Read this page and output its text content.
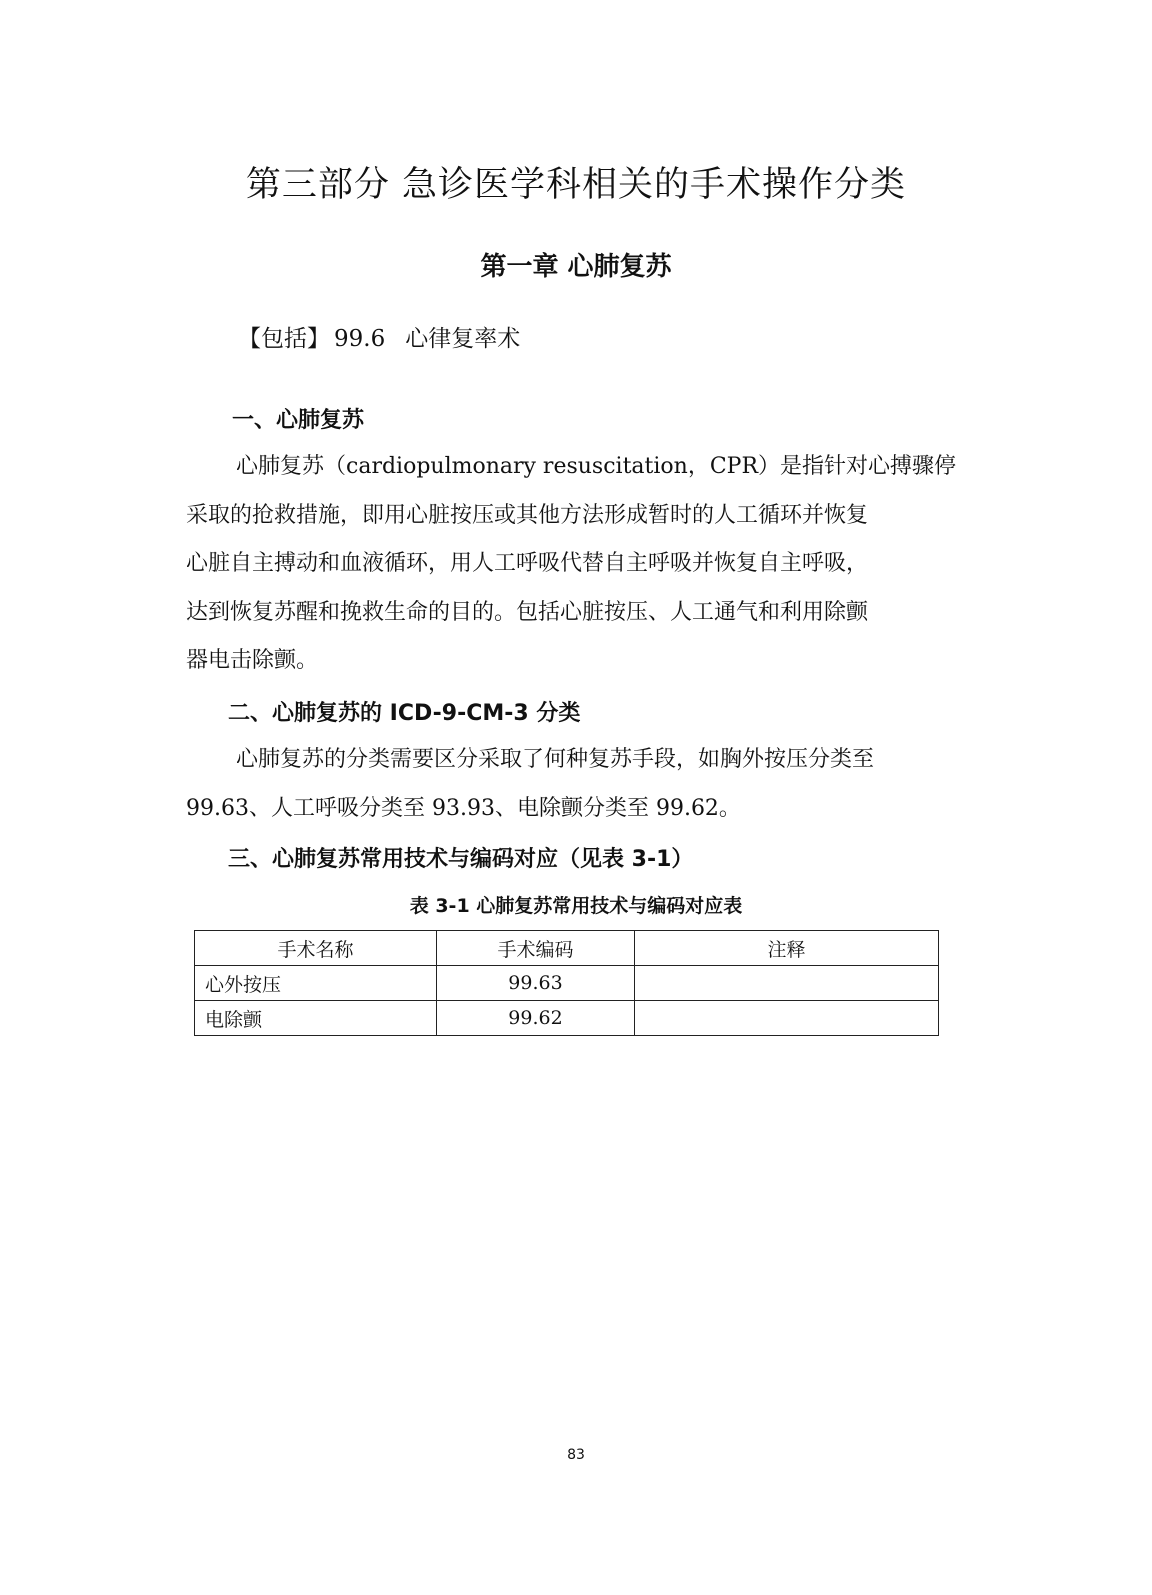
第三部分 急诊医学科相关的手术操作分类
第一章 心肺复苏
【包括】 99.6 心律复率术
一、心肺复苏
心肺复苏（cardiopulmonary resuscitation，CPR）是指针对心搏骤停
采取的抢救措施，即用心脏按压或其他方法形成暂时的人工循环并恢复
心脏自主搏动和血液循环，用人工呼吸代替自主呼吸并恢复自主呼吸，
达到恢复苏醒和挽救生命的目的。包括心脏按压、人工通气和利用除颤
器电击除颤。
二、心肺复苏的 ICD-9-CM-3 分类
心肺复苏的分类需要区分采取了何种复苏手段，如胸外按压分类至
99.63、人工呼吸分类至 93.93、电除颤分类至 99.62。
三、心肺复苏常用技术与编码对应（见表 3-1）
表 3-1 心肺复苏常用技术与编码对应表
手术名称	手术编码	注释
心外按压	99.63	
电除颤	99.62	
83
